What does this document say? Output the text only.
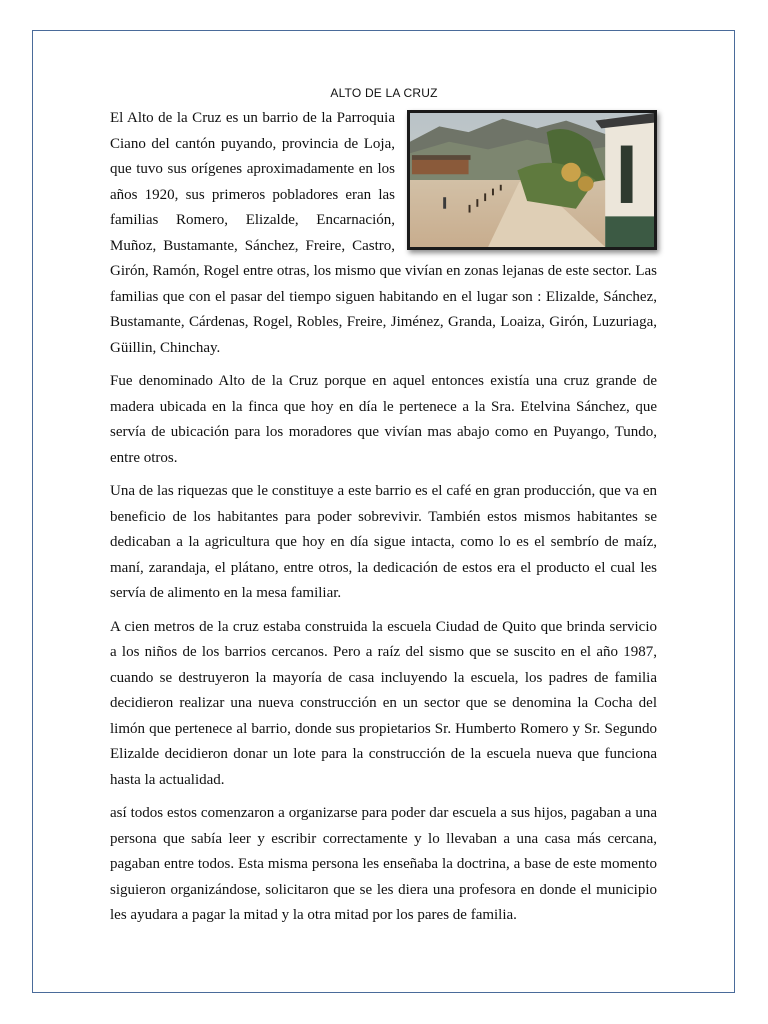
ALTO DE LA CRUZ

El Alto de la Cruz es un barrio de la Parroquia Ciano del cantón puyando, provincia de Loja, que tuvo sus orígenes aproximadamente en los años 1920, sus primeros pobladores eran las familias Romero, Elizalde, Encarnación, Muñoz, Bustamante, Sánchez, Freire, Castro, Girón, Ramón, Rogel entre otras, los mismo que vivían en zonas lejanas de este sector. Las familias que con el pasar del tiempo siguen habitando en el lugar son : Elizalde, Sánchez, Bustamante, Cárdenas, Rogel, Robles, Freire, Jiménez, Granda, Loaiza, Girón, Luzuriaga, Güillin, Chinchay.

Fue denominado Alto de la Cruz porque en aquel entonces existía una cruz grande de madera ubicada en la finca que hoy en día le pertenece a la Sra. Etelvina Sánchez, que servía de ubicación para los moradores que vivían mas abajo como en Puyango, Tundo, entre otros.

Una de las riquezas que le constituye a este barrio es el café en gran producción, que va en beneficio de los habitantes para poder sobrevivir. También estos mismos habitantes se dedicaban a la agricultura que hoy en día sigue intacta, como lo es el sembrío de maíz, maní, zarandaja, el plátano, entre otros, la dedicación de estos era el producto el cual les servía de alimento en la mesa familiar.

A cien metros de la cruz estaba construida la escuela Ciudad de Quito que brinda servicio a los niños de los barrios cercanos. Pero a raíz del sismo que se suscito en el año 1987, cuando se destruyeron la mayoría de casa incluyendo la escuela, los padres de familia decidieron realizar una nueva construcción en un sector que se denomina la Cocha del limón que pertenece al barrio, donde sus propietarios Sr. Humberto Romero y Sr. Segundo Elizalde decidieron donar un lote para la construcción de la escuela nueva que funciona hasta la actualidad.

así todos estos comenzaron a organizarse para poder dar escuela a sus hijos, pagaban a una persona que sabía leer y escribir correctamente y lo llevaban a una casa más cercana, pagaban entre todos. Esta misma persona les enseñaba la doctrina, a base de este momento siguieron organizándose, solicitaron que se les diera una profesora en donde el municipio les ayudara a pagar la mitad y la otra mitad por los pares de familia.
